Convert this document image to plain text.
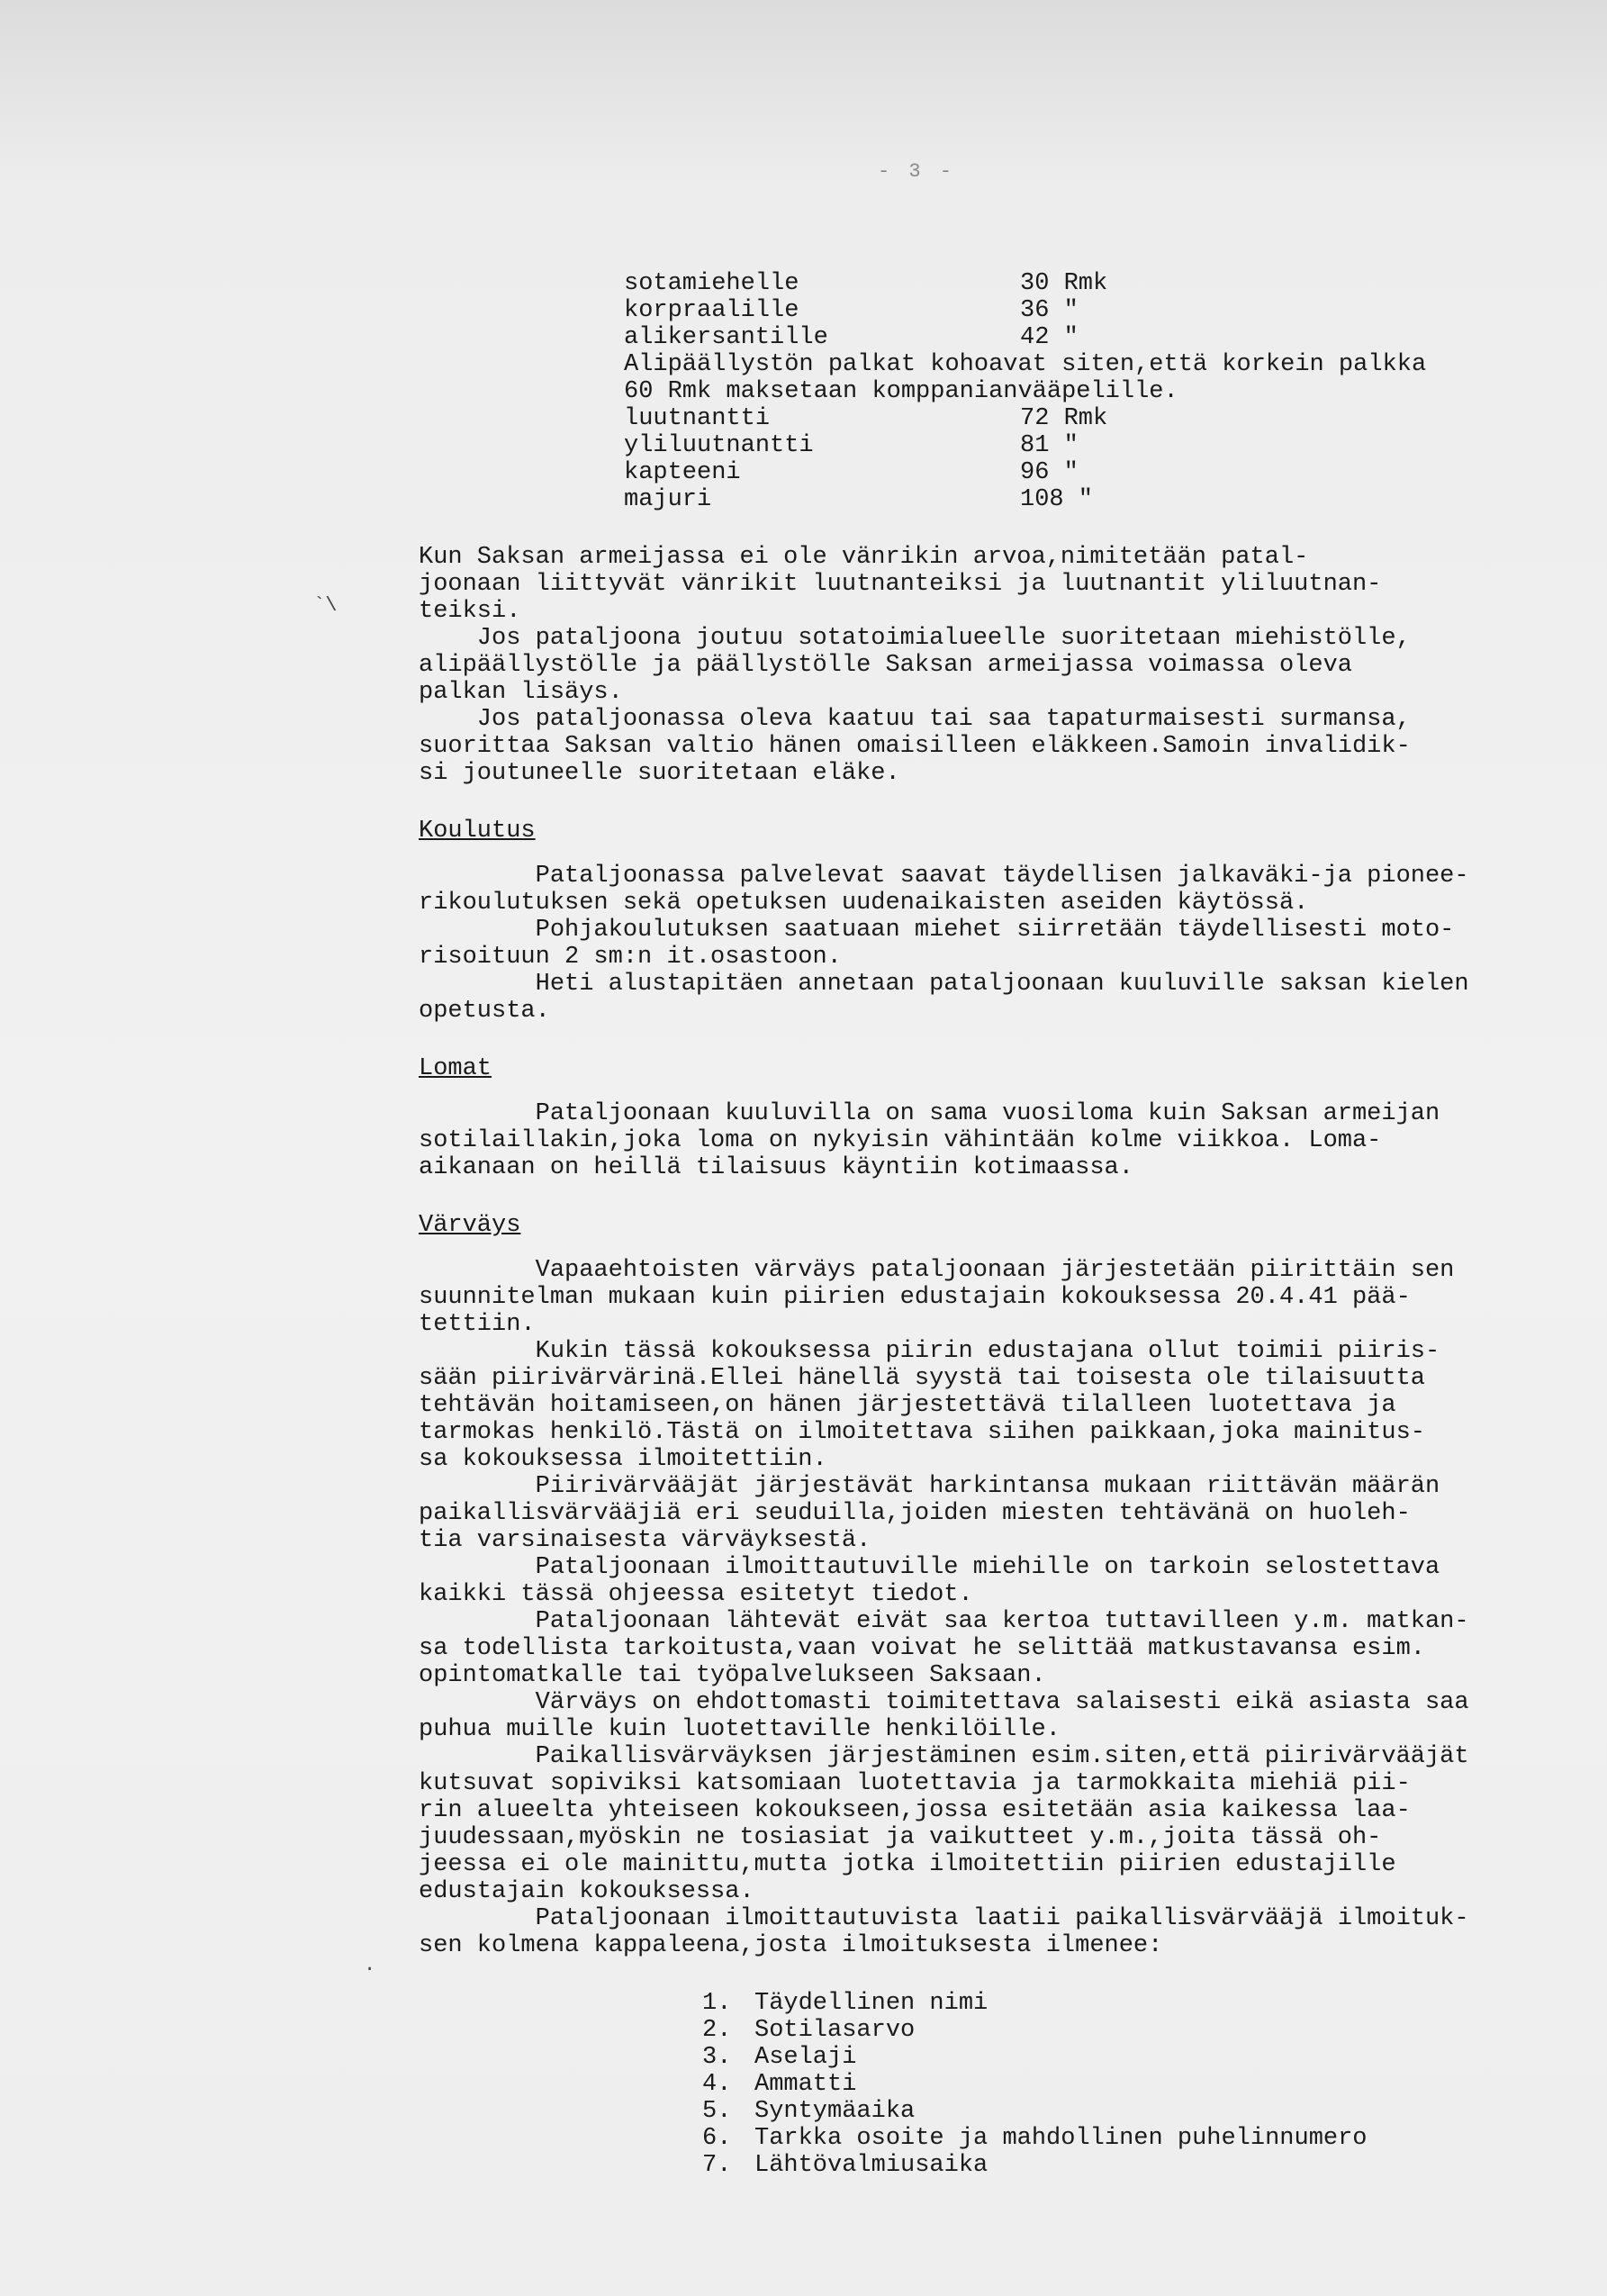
- 3 -
`\
.
sotamiehelle	30 Rmk
korpraalille	36 "
alikersantille	42 "
Alipäällystön palkat kohoavat siten,että korkein palkka
60 Rmk maksetaan komppanianvääpelille.
luutnantti	72 Rmk
yliluutnantti	81 "
kapteeni	96 "
majuri	108 "
Kun Saksan armeijassa ei ole vänrikin arvoa,nimitetään patal-
joonaan liittyvät vänrikit luutnanteiksi ja luutnantit yliluutnan-
teiksi.
Jos pataljoona joutuu sotatoimialueelle suoritetaan miehistölle,
alipäällystölle ja päällystölle Saksan armeijassa voimassa oleva
palkan lisäys.
Jos pataljoonassa oleva kaatuu tai saa tapaturmaisesti surmansa,
suorittaa Saksan valtio hänen omaisilleen eläkkeen.Samoin invalidik-
si joutuneelle suoritetaan eläke.
Koulutus
Pataljoonassa palvelevat saavat täydellisen jalkaväki-ja pionee-
rikoulutuksen sekä opetuksen uudenaikaisten aseiden käytössä.
Pohjakoulutuksen saatuaan miehet siirretään täydellisesti moto-
risoituun 2 sm:n it.osastoon.
Heti alustapitäen annetaan pataljoonaan kuuluville saksan kielen
opetusta.
Lomat
Pataljoonaan kuuluvilla on sama vuosiloma kuin Saksan armeijan
sotilaillakin,joka loma on nykyisin vähintään kolme viikkoa. Loma-
aikanaan on heillä tilaisuus käyntiin kotimaassa.
Värväys
Vapaaehtoisten värväys pataljoonaan järjestetään piirittäin sen
suunnitelman mukaan kuin piirien edustajain kokouksessa 20.4.41 pää-
tettiin.
Kukin tässä kokouksessa piirin edustajana ollut toimii piiris-
sään piirivärvärinä.Ellei hänellä syystä tai toisesta ole tilaisuutta
tehtävän hoitamiseen,on hänen järjestettävä tilalleen luotettava ja
tarmokas henkilö.Tästä on ilmoitettava siihen paikkaan,joka mainitus-
sa kokouksessa ilmoitettiin.
Piirivärvääjät järjestävät harkintansa mukaan riittävän määrän
paikallisvärvääjiä eri seuduilla,joiden miesten tehtävänä on huoleh-
tia varsinaisesta värväyksestä.
Pataljoonaan ilmoittautuville miehille on tarkoin selostettava
kaikki tässä ohjeessa esitetyt tiedot.
Pataljoonaan lähtevät eivät saa kertoa tuttavilleen y.m. matkan-
sa todellista tarkoitusta,vaan voivat he selittää matkustavansa esim.
opintomatkalle tai työpalvelukseen Saksaan.
Värväys on ehdottomasti toimitettava salaisesti eikä asiasta saa
puhua muille kuin luotettaville henkilöille.
Paikallisvärväyksen järjestäminen esim.siten,että piirivärvääjät
kutsuvat sopiviksi katsomiaan luotettavia ja tarmokkaita miehiä pii-
rin alueelta yhteiseen kokoukseen,jossa esitetään asia kaikessa laa-
juudessaan,myöskin ne tosiasiat ja vaikutteet y.m.,joita tässä oh-
jeessa ei ole mainittu,mutta jotka ilmoitettiin piirien edustajille
edustajain kokouksessa.
Pataljoonaan ilmoittautuvista laatii paikallisvärvääjä ilmoituk-
sen kolmena kappaleena,josta ilmoituksesta ilmenee:
1. Täydellinen nimi
2. Sotilasarvo
3. Aselaji
4. Ammatti
5. Syntymäaika
6. Tarkka osoite ja mahdollinen puhelinnumero
7. Lähtövalmiusaika
